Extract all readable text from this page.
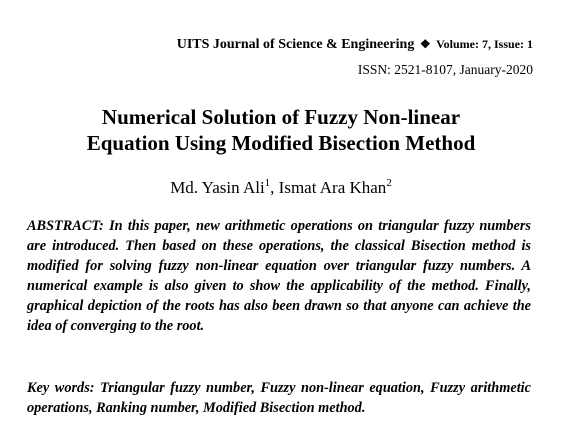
UITS Journal of Science & Engineering ❖ Volume: 7, Issue: 1
ISSN: 2521-8107, January-2020
Numerical Solution of Fuzzy Non-linear
Equation Using Modified Bisection Method
Md. Yasin Ali$^1$, Ismat Ara Khan$^2$
ABSTRACT: In this paper, new arithmetic operations on triangular fuzzy numbers are introduced. Then based on these operations, the classical Bisection method is modified for solving fuzzy non-linear equation over triangular fuzzy numbers. A numerical example is also given to show the applicability of the method. Finally, graphical depiction of the roots has also been drawn so that anyone can achieve the idea of converging to the root.
Key words: Triangular fuzzy number, Fuzzy non-linear equation, Fuzzy arithmetic operations, Ranking number, Modified Bisection method.
